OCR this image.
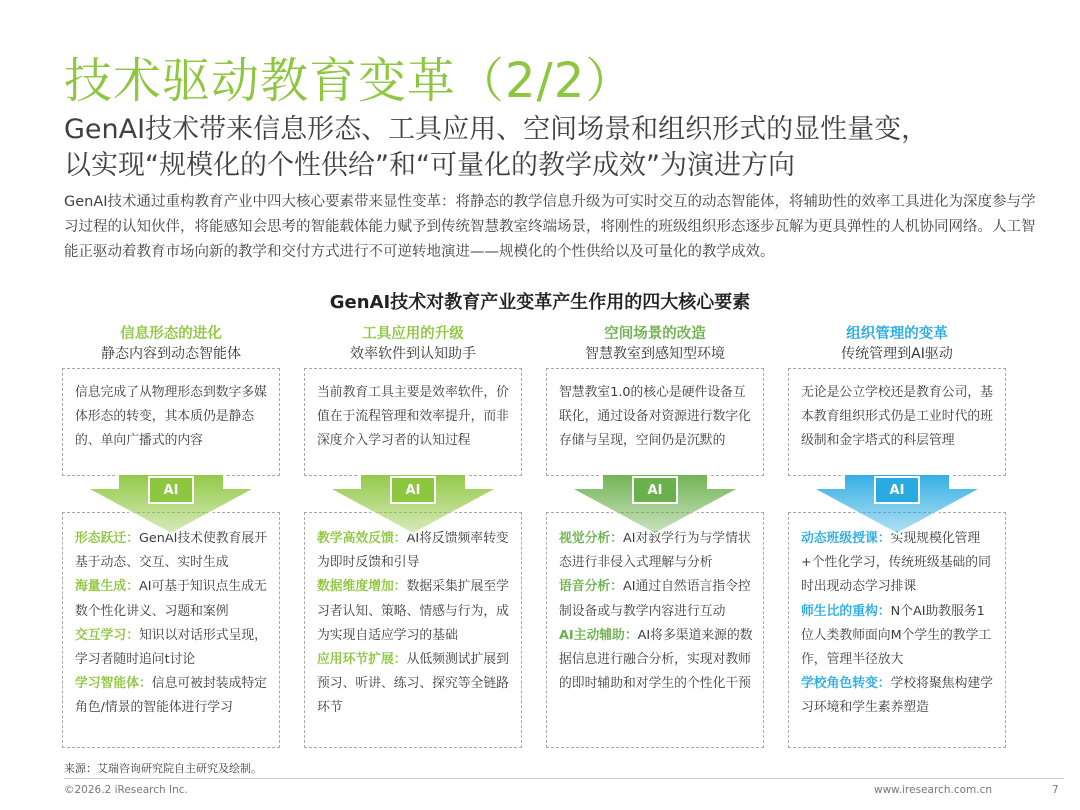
技术驱动教育变革（2/2）
GenAI技术带来信息形态、工具应用、空间场景和组织形式的显性量变，
以实现“规模化的个性供给”和“可量化的教学成效”为演进方向
GenAI技术通过重构教育产业中四大核心要素带来显性变革：将静态的教学信息升级为可实时交互的动态智能体，将辅助性的效率工具进化为深度参与学习过程的认知伙伴，将能感知会思考的智能载体能力赋予到传统智慧教室终端场景，将刚性的班级组织形态逐步瓦解为更具弹性的人机协同网络。人工智能正驱动着教育市场向新的教学和交付方式进行不可逆转地演进——规模化的个性供给以及可量化的教学成效。
GenAI技术对教育产业变革产生作用的四大核心要素
信息形态的进化
静态内容到动态智能体
信息完成了从物理形态到数字多媒体形态的转变，其本质仍是静态的、单向广播式的内容
形态跃迁：GenAI技术使教育展开基于动态、交互、实时生成
海量生成：AI可基于知识点生成无数个性化讲义、习题和案例
交互学习：知识以对话形式呈现，学习者随时追问t讨论
学习智能体：信息可被封装成特定角色/情景的智能体进行学习
AI
工具应用的升级
效率软件到认知助手
当前教育工具主要是效率软件，价值在于流程管理和效率提升，而非深度介入学习者的认知过程
教学高效反馈：AI将反馈频率转变为即时反馈和引导
数据维度增加：数据采集扩展至学习者认知、策略、情感与行为，成为实现自适应学习的基础
应用环节扩展：从低频测试扩展到预习、听讲、练习、探究等全链路环节
AI
空间场景的改造
智慧教室到感知型环境
智慧教室1.0的核心是硬件设备互联化，通过设备对资源进行数字化存储与呈现，空间仍是沉默的
视觉分析：AI对教学行为与学情状态进行非侵入式理解与分析
语音分析：AI通过自然语言指令控制设备或与教学内容进行互动
AI主动辅助：AI将多渠道来源的数据信息进行融合分析，实现对教师的即时辅助和对学生的个性化干预
AI
组织管理的变革
传统管理到AI驱动
无论是公立学校还是教育公司，基本教育组织形式仍是工业时代的班级制和金字塔式的科层管理
动态班级授课：实现规模化管理+个性化学习，传统班级基础的同时出现动态学习排课
师生比的重构：N个AI助教服务1位人类教师面向M个学生的教学工作，管理半径放大
学校角色转变：学校将聚焦构建学习环境和学生素养塑造
AI
来源：艾瑞咨询研究院自主研究及绘制。
©2026.2 iResearch Inc.	www.iresearch.com.cn	7
